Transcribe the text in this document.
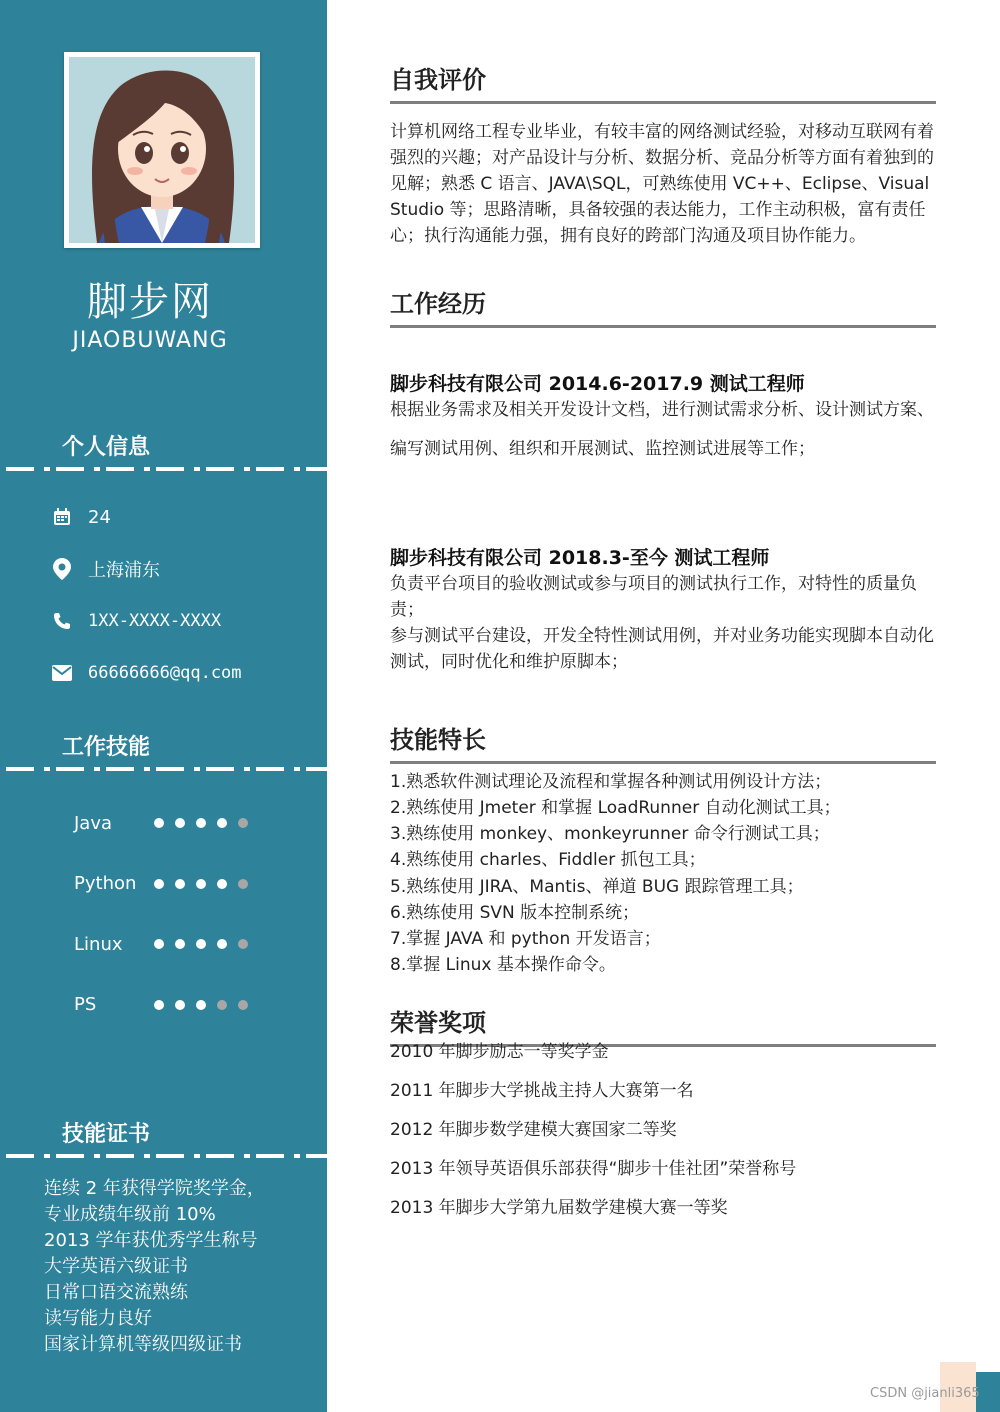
脚步网
JIAOBUWANG
个人信息
24
上海浦东
1XX-XXXX-XXXX
66666666@qq.com
工作技能
Java
Python
Linux
PS
技能证书
连续 2 年获得学院奖学金，
专业成绩年级前 10%
2013 学年获优秀学生称号
大学英语六级证书
日常口语交流熟练
读写能力良好
国家计算机等级四级证书
自我评价
计算机网络工程专业毕业，有较丰富的网络测试经验，对移动互联网有着强烈的兴趣；对产品设计与分析、数据分析、竞品分析等方面有着独到的见解；熟悉 C 语言、JAVA\SQL，可熟练使用 VC++、Eclipse、Visual Studio 等；思路清晰，具备较强的表达能力，工作主动积极，富有责任心；执行沟通能力强，拥有良好的跨部门沟通及项目协作能力。
工作经历
脚步科技有限公司 2014.6-2017.9 测试工程师
根据业务需求及相关开发设计文档，进行测试需求分析、设计测试方案、编写测试用例、组织和开展测试、监控测试进展等工作；
脚步科技有限公司 2018.3-至今 测试工程师
负责平台项目的验收测试或参与项目的测试执行工作，对特性的质量负责；
参与测试平台建设，开发全特性测试用例，并对业务功能实现脚本自动化测试，同时优化和维护原脚本；
技能特长
1.熟悉软件测试理论及流程和掌握各种测试用例设计方法；
2.熟练使用 Jmeter 和掌握 LoadRunner 自动化测试工具；
3.熟练使用 monkey、monkeyrunner 命令行测试工具；
4.熟练使用 charles、Fiddler 抓包工具；
5.熟练使用 JIRA、Mantis、禅道 BUG 跟踪管理工具；
6.熟练使用 SVN 版本控制系统；
7.掌握 JAVA 和 python 开发语言；
8.掌握 Linux 基本操作命令。
荣誉奖项
2010 年脚步励志一等奖学金
2011 年脚步大学挑战主持人大赛第一名
2012 年脚步数学建模大赛国家二等奖
2013 年领导英语俱乐部获得“脚步十佳社团”荣誉称号
2013 年脚步大学第九届数学建模大赛一等奖
CSDN @jianli365
